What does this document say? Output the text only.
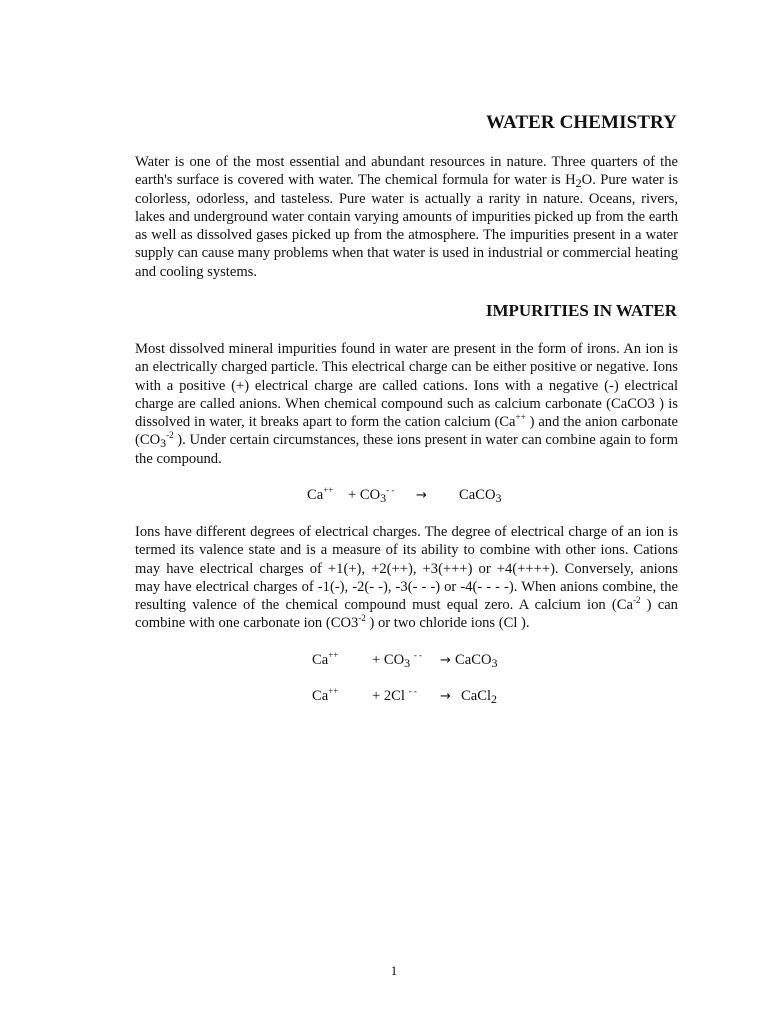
WATER CHEMISTRY

Water is one of the most essential and abundant resources in nature. Three quarters of the earth's surface is covered with water. The chemical formula for water is $H_2O$. Pure water is colorless, odorless, and tasteless. Pure water is actually a rarity in nature. Oceans, rivers, lakes and underground water contain varying amounts of impurities picked up from the earth as well as dissolved gases picked up from the atmosphere. The impurities present in a water supply can cause many problems when that water is used in industrial or commercial heating and cooling systems.

IMPURITIES IN WATER

Most dissolved mineral impurities found in water are present in the form of irons. An ion is an electrically charged particle. This electrical charge can be either positive or negative. Ions with a positive (+) electrical charge are called cations. Ions with a negative (-) electrical charge are called anions. When chemical compound such as calcium carbonate (CaCO3 ) is dissolved in water, it breaks apart to form the cation calcium (Ca++ ) and the anion carbonate ($CO_3^{-2}$ ). Under certain circumstances, these ions present in water can combine again to form the compound.

$Ca^{++} + CO_3^{- -}$ → CaCO$_3$

Ions have different degrees of electrical charges. The degree of electrical charge of an ion is termed its valence state and is a measure of its ability to combine with other ions. Cations may have electrical charges of +1(+), +2(++), +3(+++) or +4(++++). Conversely, anions may have electrical charges of -1(-), -2(- -), -3(- - -) or -4(- - - -). When anions combine, the resulting valence of the chemical compound must equal zero. A calcium ion ($Ca^{-2}$ ) can combine with one carbonate ion ($CO3^{-2}$ ) or two chloride ions (Cl ).

$Ca^{++} + CO_3$ - - → CaCO$_3$
Ca++ + 2Cl - - → CaCl$_2$
1
